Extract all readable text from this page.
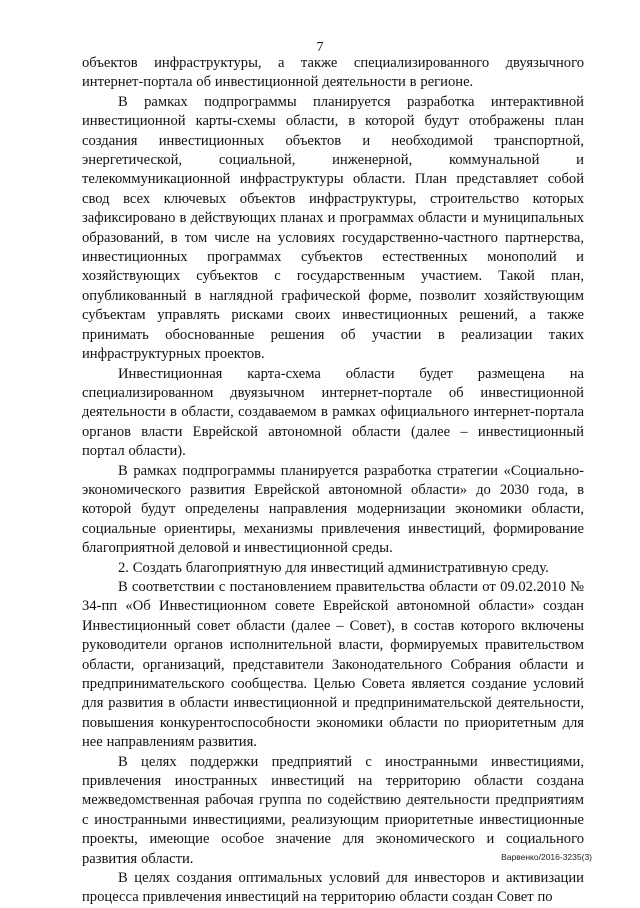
7

объектов инфраструктуры, а также специализированного двуязычного интернет-портала об инвестиционной деятельности в регионе.

В рамках подпрограммы планируется разработка интерактивной инвестиционной карты-схемы области, в которой будут отображены план создания инвестиционных объектов и необходимой транспортной, энергетической, социальной, инженерной, коммунальной и телекоммуникационной инфраструктуры области. План представляет собой свод всех ключевых объектов инфраструктуры, строительство которых зафиксировано в действующих планах и программах области и муниципальных образований, в том числе на условиях государственно-частного партнерства, инвестиционных программах субъектов естественных монополий и хозяйствующих субъектов с государственным участием. Такой план, опубликованный в наглядной графической форме, позволит хозяйствующим субъектам управлять рисками своих инвестиционных решений, а также принимать обоснованные решения об участии в реализации таких инфраструктурных проектов.

Инвестиционная карта-схема области будет размещена на специализированном двуязычном интернет-портале об инвестиционной деятельности в области, создаваемом в рамках официального интернет-портала органов власти Еврейской автономной области (далее – инвестиционный портал области).

В рамках подпрограммы планируется разработка стратегии «Социально-экономического развития Еврейской автономной области» до 2030 года, в которой будут определены направления модернизации экономики области, социальные ориентиры, механизмы привлечения инвестиций, формирование благоприятной деловой и инвестиционной среды.

2. Создать благоприятную для инвестиций административную среду.

В соответствии с постановлением правительства области от 09.02.2010 № 34-пп «Об Инвестиционном совете Еврейской автономной области» создан Инвестиционный совет области (далее – Совет), в состав которого включены руководители органов исполнительной власти, формируемых правительством области, организаций, представители Законодательного Собрания области и предпринимательского сообщества. Целью Совета является создание условий для развития в области инвестиционной и предпринимательской деятельности, повышения конкурентоспособности экономики области по приоритетным для нее направлениям развития.

В целях поддержки предприятий с иностранными инвестициями, привлечения иностранных инвестиций на территорию области создана межведомственная рабочая группа по содействию деятельности предприятиям с иностранными инвестициями, реализующим приоритетные инвестиционные проекты, имеющие особое значение для экономического и социального развития области.

В целях создания оптимальных условий для инвесторов и активизации процесса привлечения инвестиций на территорию области создан Совет по

Варвенко/2016-3235(3)
